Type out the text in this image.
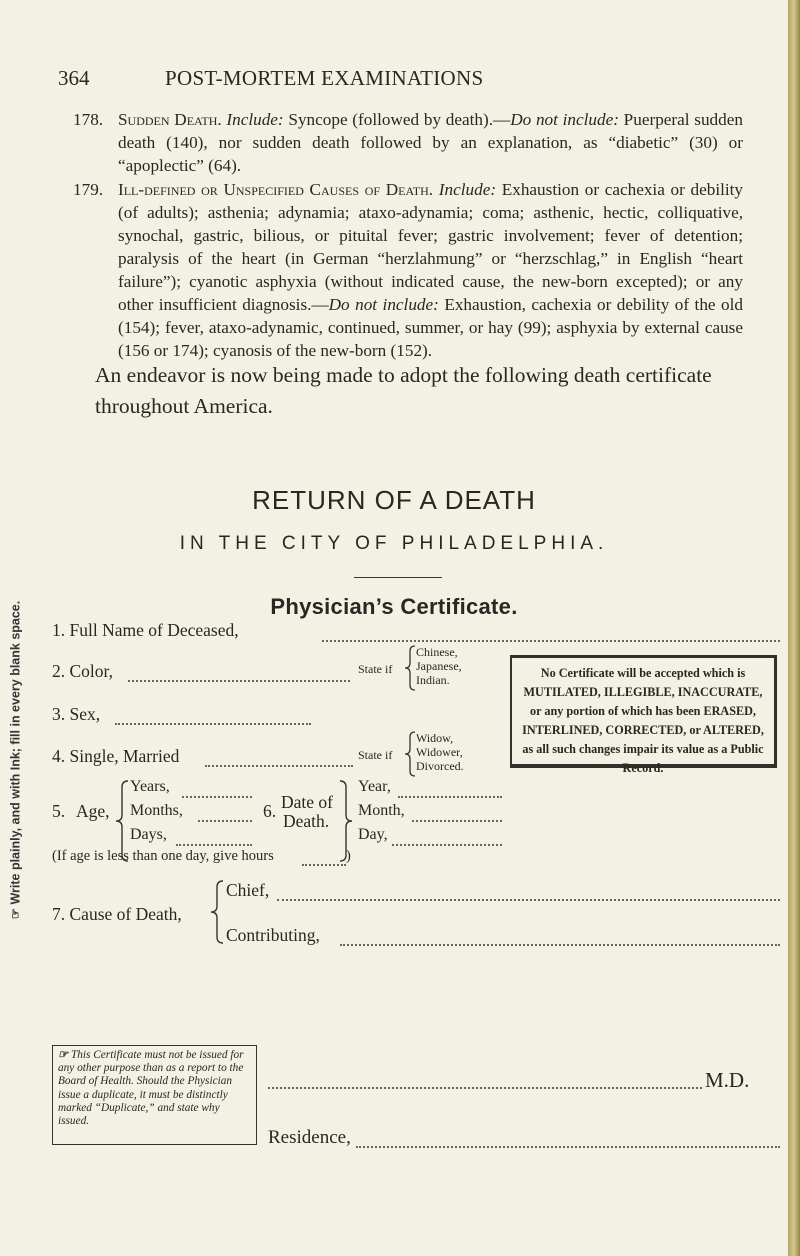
364	POST-MORTEM EXAMINATIONS
178. Sudden Death. Include: Syncope (followed by death).—Do not include: Puerperal sudden death (140), nor sudden death followed by an explanation, as “diabetic” (30) or “apoplectic” (64).
179. Ill-defined or Unspecified Causes of Death. Include: Exhaustion or cachexia or debility (of adults); asthenia; adynamia; ataxo-adynamia; coma; asthenic, hectic, colliquative, synochal, gastric, bilious, or pituital fever; gastric involvement; fever of detention; paralysis of the heart (in German “herzlahmung” or “herzschlag,” in English “heart failure”); cyanotic asphyxia (without indicated cause, the new-born excepted); or any other insufficient diagnosis.—Do not include: Exhaustion, cachexia or debility of the old (154); fever, ataxo-adynamic, continued, summer, or hay (99); asphyxia by external cause (156 or 174); cyanosis of the new-born (152).
An endeavor is now being made to adopt the following death certificate throughout America.
RETURN OF A DEATH
IN THE CITY OF PHILADELPHIA.
Physician’s Certificate.
☞ Write plainly, and with Ink; fill in every blank space. 1. Full Name of Deceased,
2. Color,	State if
Chinese,
Japanese,
Indian.
3. Sex,
4. Single, Married	State if
Widow,
Widower,
Divorced.
No Certificate will be accepted which is MUTILATED, ILLEGIBLE, INACCURATE, or any portion of which has been ERASED, INTERLINED, CORRECTED, or ALTERED, as all such changes impair its value as a Public Record.
5. Age,
Years,
Months,
Days,
6. Date of
Death.
Year,
Month,
Day,
(If age is less than one day, give hours	)
7. Cause of Death,
Chief,
Contributing,
☞ This Certificate must not be issued for any other purpose than as a report to the Board of Health. Should the Physician issue a duplicate, it must be distinctly marked “Duplicate,” and state why issued.
M.D.
Residence,
